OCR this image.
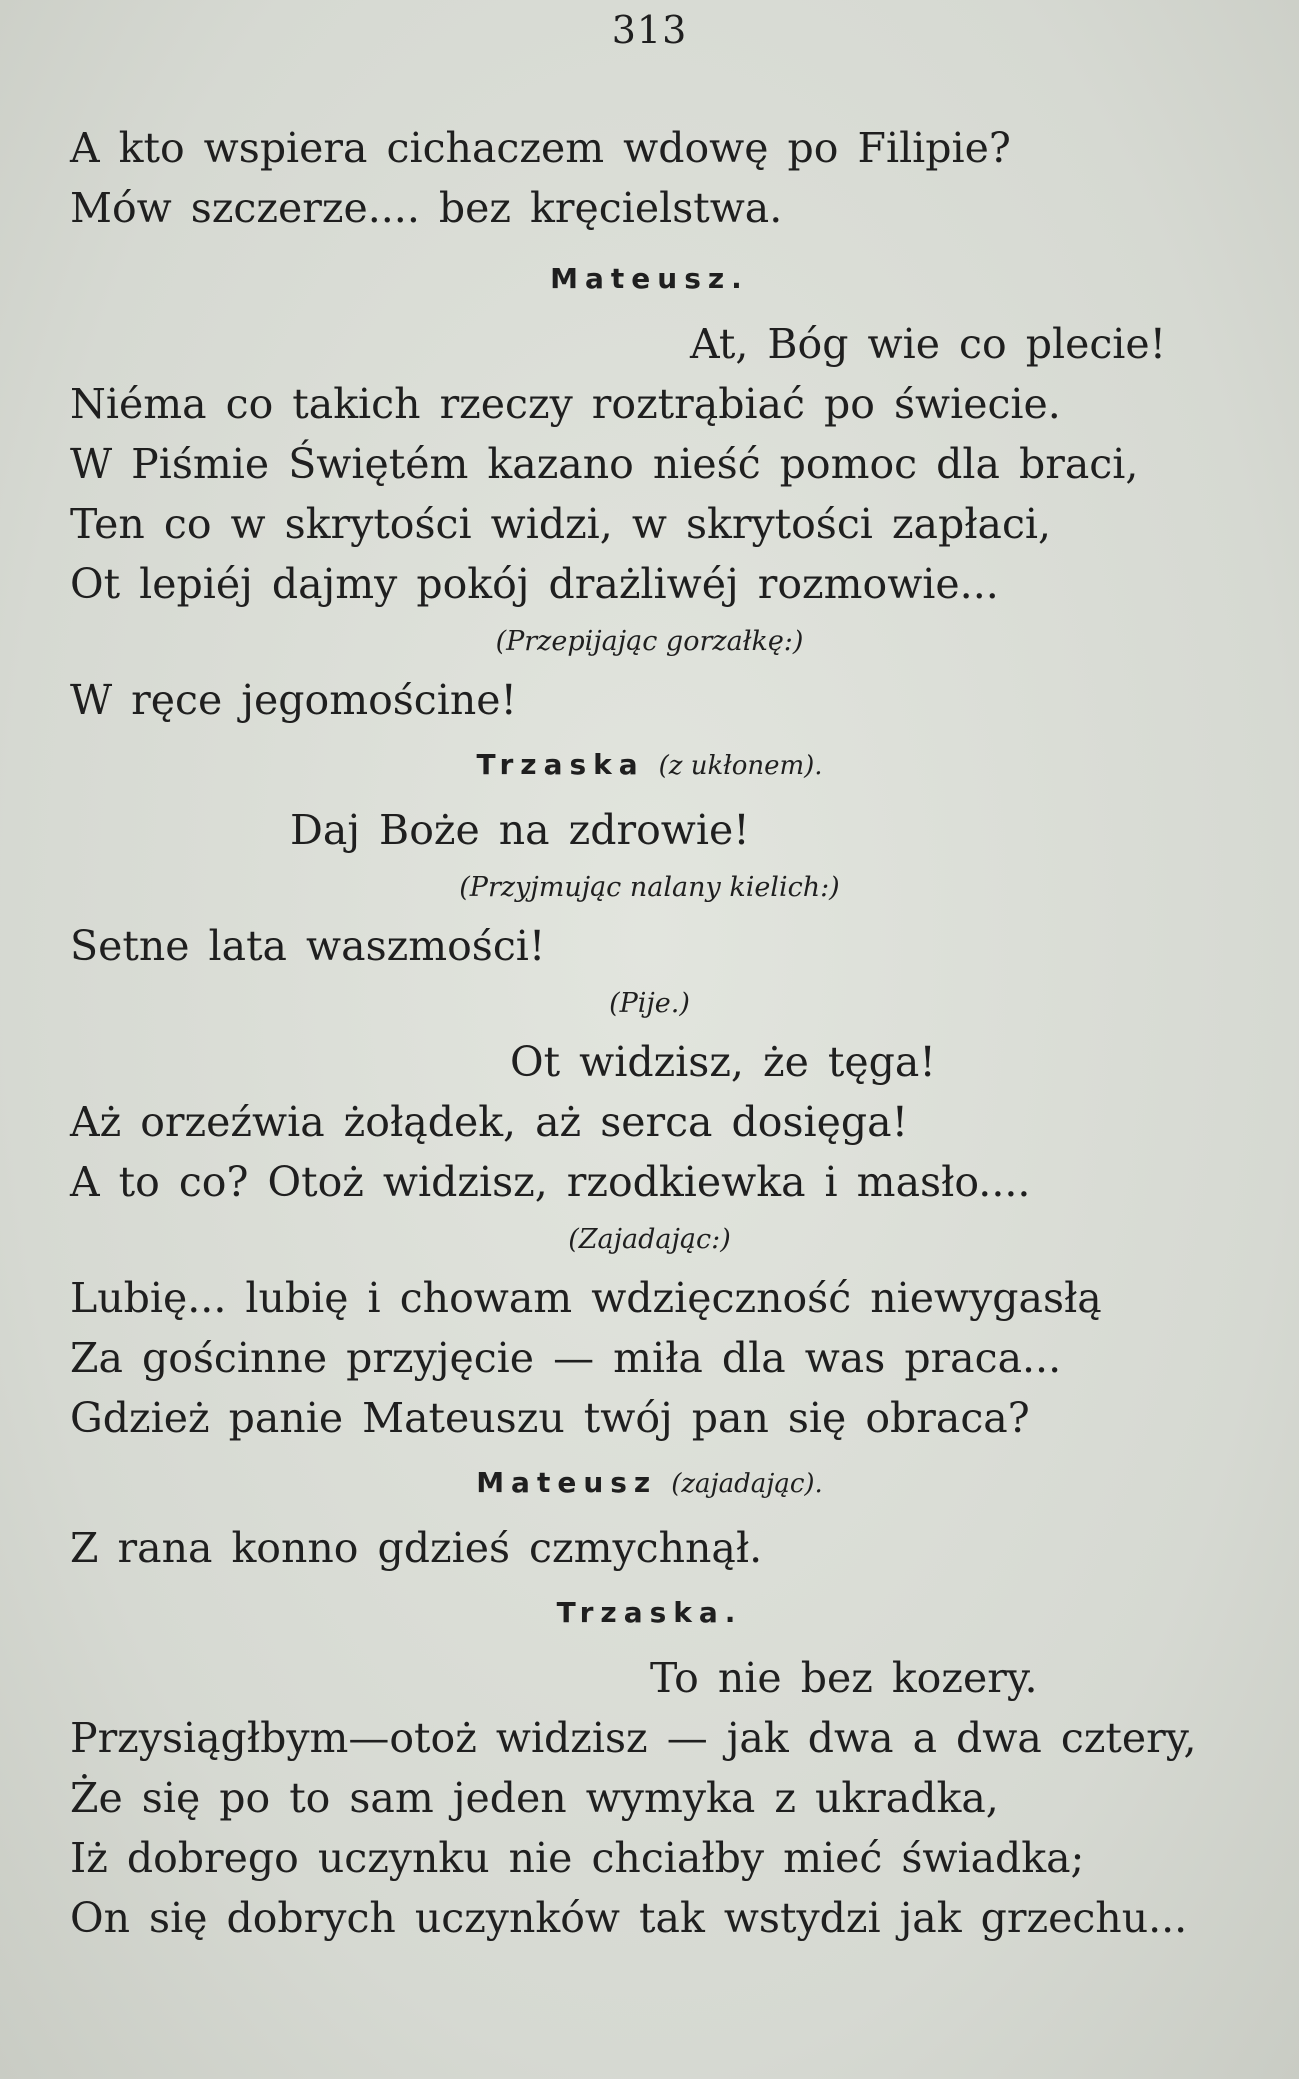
313
A kto wspiera cichaczem wdowę po Filipie?
Mów szczerze.... bez kręcielstwa.
Mateusz.
At, Bóg wie co plecie!
Niéma co takich rzeczy roztrąbiać po świecie.
W Piśmie Świętém kazano nieść pomoc dla braci,
Ten co w skrytości widzi, w skrytości zapłaci,
Ot lepiéj dajmy pokój drażliwéj rozmowie...
(Przepijając gorzałkę:)
W ręce jegomościne!
Trzaska (z ukłonem).
Daj Boże na zdrowie!
(Przyjmując nalany kielich:)
Setne lata waszmości!
(Pije.)
Ot widzisz, że tęga!
Aż orzeźwia żołądek, aż serca dosięga!
A to co? Otoż widzisz, rzodkiewka i masło....
(Zajadając:)
Lubię... lubię i chowam wdzięczność niewygasłą
Za gościnne przyjęcie — miła dla was praca...
Gdzież panie Mateuszu twój pan się obraca?
Mateusz (zajadając).
Z rana konno gdzieś czmychnął.
Trzaska.
To nie bez kozery.
Przysiągłbym—otoż widzisz — jak dwa a dwa cztery,
Że się po to sam jeden wymyka z ukradka,
Iż dobrego uczynku nie chciałby mieć świadka;
On się dobrych uczynków tak wstydzi jak grzechu...
